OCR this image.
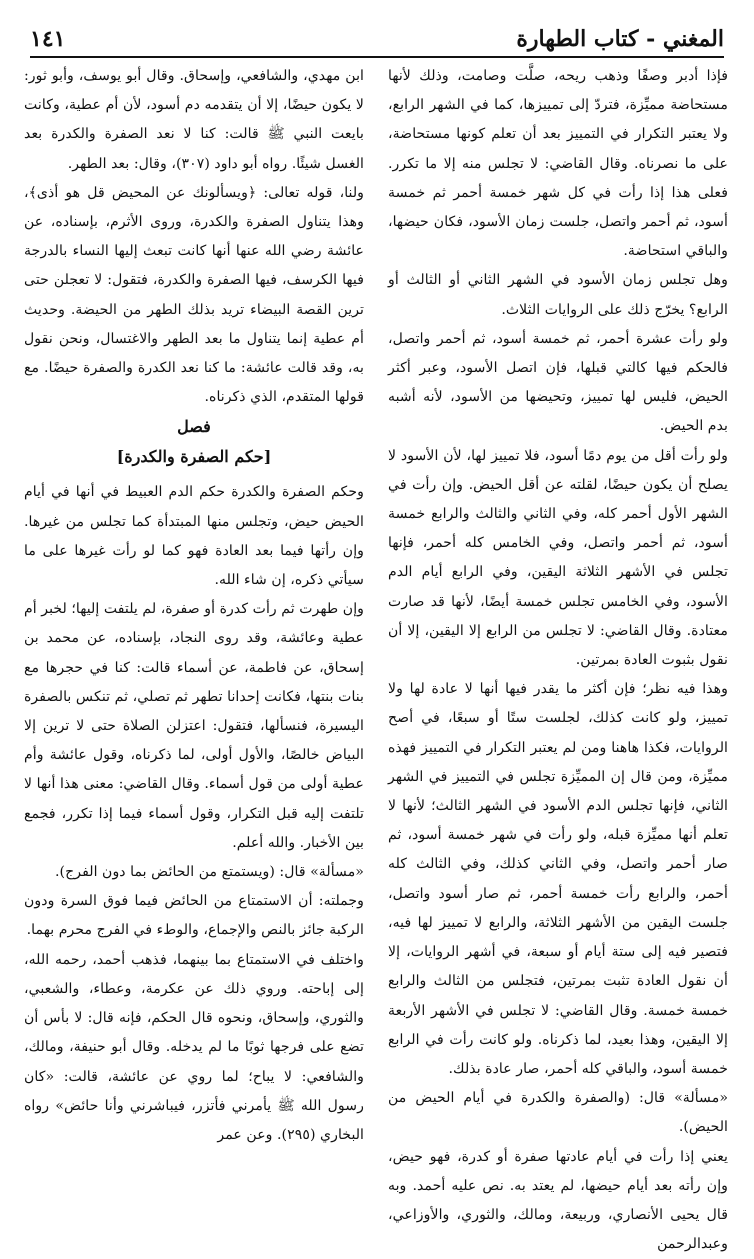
المغني - كتاب الطهارة
١٤١

فإذا أدبر وصفًا وذهب ريحه، صلَّت وصامت، وذلك لأنها مستحاضة مميِّزة، فتردّ إلى تمييزها، كما في الشهر الرابع، ولا يعتبر التكرار في التمييز بعد أن تعلم كونها مستحاضة، على ما نصرناه. وقال القاضي: لا تجلس منه إلا ما تكرر. فعلى هذا إذا رأت في كل شهر خمسة أحمر ثم خمسة أسود، ثم أحمر واتصل، جلست زمان الأسود، فكان حيضها، والباقي استحاضة.

وهل تجلس زمان الأسود في الشهر الثاني أو الثالث أو الرابع؟ يخرّج ذلك على الروايات الثلاث.

ولو رأت عشرة أحمر، ثم خمسة أسود، ثم أحمر واتصل، فالحكم فيها كالتي قبلها، فإن اتصل الأسود، وعبر أكثر الحيض، فليس لها تمييز، وتحيضها من الأسود، لأنه أشبه بدم الحيض.

ولو رأت أقل من يوم دمًا أسود، فلا تمييز لها، لأن الأسود لا يصلح أن يكون حيضًا، لقلته عن أقل الحيض. وإن رأت في الشهر الأول أحمر كله، وفي الثاني والثالث والرابع خمسة أسود، ثم أحمر واتصل، وفي الخامس كله أحمر، فإنها تجلس في الأشهر الثلاثة اليقين، وفي الرابع أيام الدم الأسود، وفي الخامس تجلس خمسة أيضًا، لأنها قد صارت معتادة. وقال القاضي: لا تجلس من الرابع إلا اليقين، إلا أن نقول بثبوت العادة بمرتين.

وهذا فيه نظر؛ فإن أكثر ما يقدر فيها أنها لا عادة لها ولا تمييز، ولو كانت كذلك، لجلست ستًا أو سبعًا، في أصح الروايات، فكذا هاهنا ومن لم يعتبر التكرار في التمييز فهذه مميِّزة، ومن قال إن المميِّزة تجلس في التمييز في الشهر الثاني، فإنها تجلس الدم الأسود في الشهر الثالث؛ لأنها لا تعلم أنها مميِّزة قبله، ولو رأت في شهر خمسة أسود، ثم صار أحمر واتصل، وفي الثاني كذلك، وفي الثالث كله أحمر، والرابع رأت خمسة أحمر، ثم صار أسود واتصل، جلست اليقين من الأشهر الثلاثة، والرابع لا تمييز لها فيه، فتصير فيه إلى ستة أيام أو سبعة، في أشهر الروايات، إلا أن نقول العادة تثبت بمرتين، فتجلس من الثالث والرابع خمسة خمسة. وقال القاضي: لا تجلس في الأشهر الأربعة إلا اليقين، وهذا بعيد، لما ذكرناه. ولو كانت رأت في الرابع خمسة أسود، والباقي كله أحمر، صار عادة بذلك.

«مسألة» قال: (والصفرة والكدرة في أيام الحيض من الحيض).

يعني إذا رأت في أيام عادتها صفرة أو كدرة، فهو حيض، وإن رأته بعد أيام حيضها، لم يعتد به. نص عليه أحمد. وبه قال يحيى الأنصاري، وربيعة، ومالك، والثوري، والأوزاعي، وعبدالرحمن

ابن مهدي، والشافعي، وإسحاق. وقال أبو يوسف، وأبو ثور: لا يكون حيضًا، إلا أن يتقدمه دم أسود، لأن أم عطية، وكانت بايعت النبي ﷺ قالت: كنا لا نعد الصفرة والكدرة بعد الغسل شيئًا. رواه أبو داود (٣٠٧)، وقال: بعد الطهر.

ولنا، قوله تعالى: ﴿ويسألونك عن المحيض قل هو أذى﴾، وهذا يتناول الصفرة والكدرة، وروى الأثرم، بإسناده، عن عائشة رضي الله عنها أنها كانت تبعث إليها النساء بالدرجة فيها الكرسف، فيها الصفرة والكدرة، فتقول: لا تعجلن حتى ترين القصة البيضاء تريد بذلك الطهر من الحيضة. وحديث أم عطية إنما يتناول ما بعد الطهر والاغتسال، ونحن نقول به، وقد قالت عائشة: ما كنا نعد الكدرة والصفرة حيضًا. مع قولها المتقدم، الذي ذكرناه.

فصل
[حكم الصفرة والكدرة]

وحكم الصفرة والكدرة حكم الدم العبيط في أنها في أيام الحيض حيض، وتجلس منها المبتدأة كما تجلس من غيرها. وإن رأتها فيما بعد العادة فهو كما لو رأت غيرها على ما سيأتي ذكره، إن شاء الله.

وإن طهرت ثم رأت كدرة أو صفرة، لم يلتفت إليها؛ لخبر أم عطية وعائشة، وقد روى النجاد، بإسناده، عن محمد بن إسحاق، عن فاطمة، عن أسماء قالت: كنا في حجرها مع بنات بنتها، فكانت إحدانا تطهر ثم تصلي، ثم تنكس بالصفرة اليسيرة، فنسألها، فتقول: اعتزلن الصلاة حتى لا ترين إلا البياض خالصًا، والأول أولى، لما ذكرناه، وقول عائشة وأم عطية أولى من قول أسماء. وقال القاضي: معنى هذا أنها لا تلتفت إليه قبل التكرار، وقول أسماء فيما إذا تكرر، فجمع بين الأخبار. والله أعلم.

«مسألة» قال: (ويستمتع من الحائض بما دون الفرج).

وجملته: أن الاستمتاع من الحائض فيما فوق السرة ودون الركبة جائز بالنص والإجماع، والوطء في الفرج محرم بهما.

واختلف في الاستمتاع بما بينهما، فذهب أحمد، رحمه الله، إلى إباحته. وروي ذلك عن عكرمة، وعطاء، والشعبي، والثوري، وإسحاق، ونحوه قال الحكم، فإنه قال: لا بأس أن تضع على فرجها ثوبًا ما لم يدخله. وقال أبو حنيفة، ومالك، والشافعي: لا يباح؛ لما روي عن عائشة، قالت: «كان رسول الله ﷺ يأمرني فأتزر، فيباشرني وأنا حائض» رواه البخاري (٢٩٥). وعن عمر
